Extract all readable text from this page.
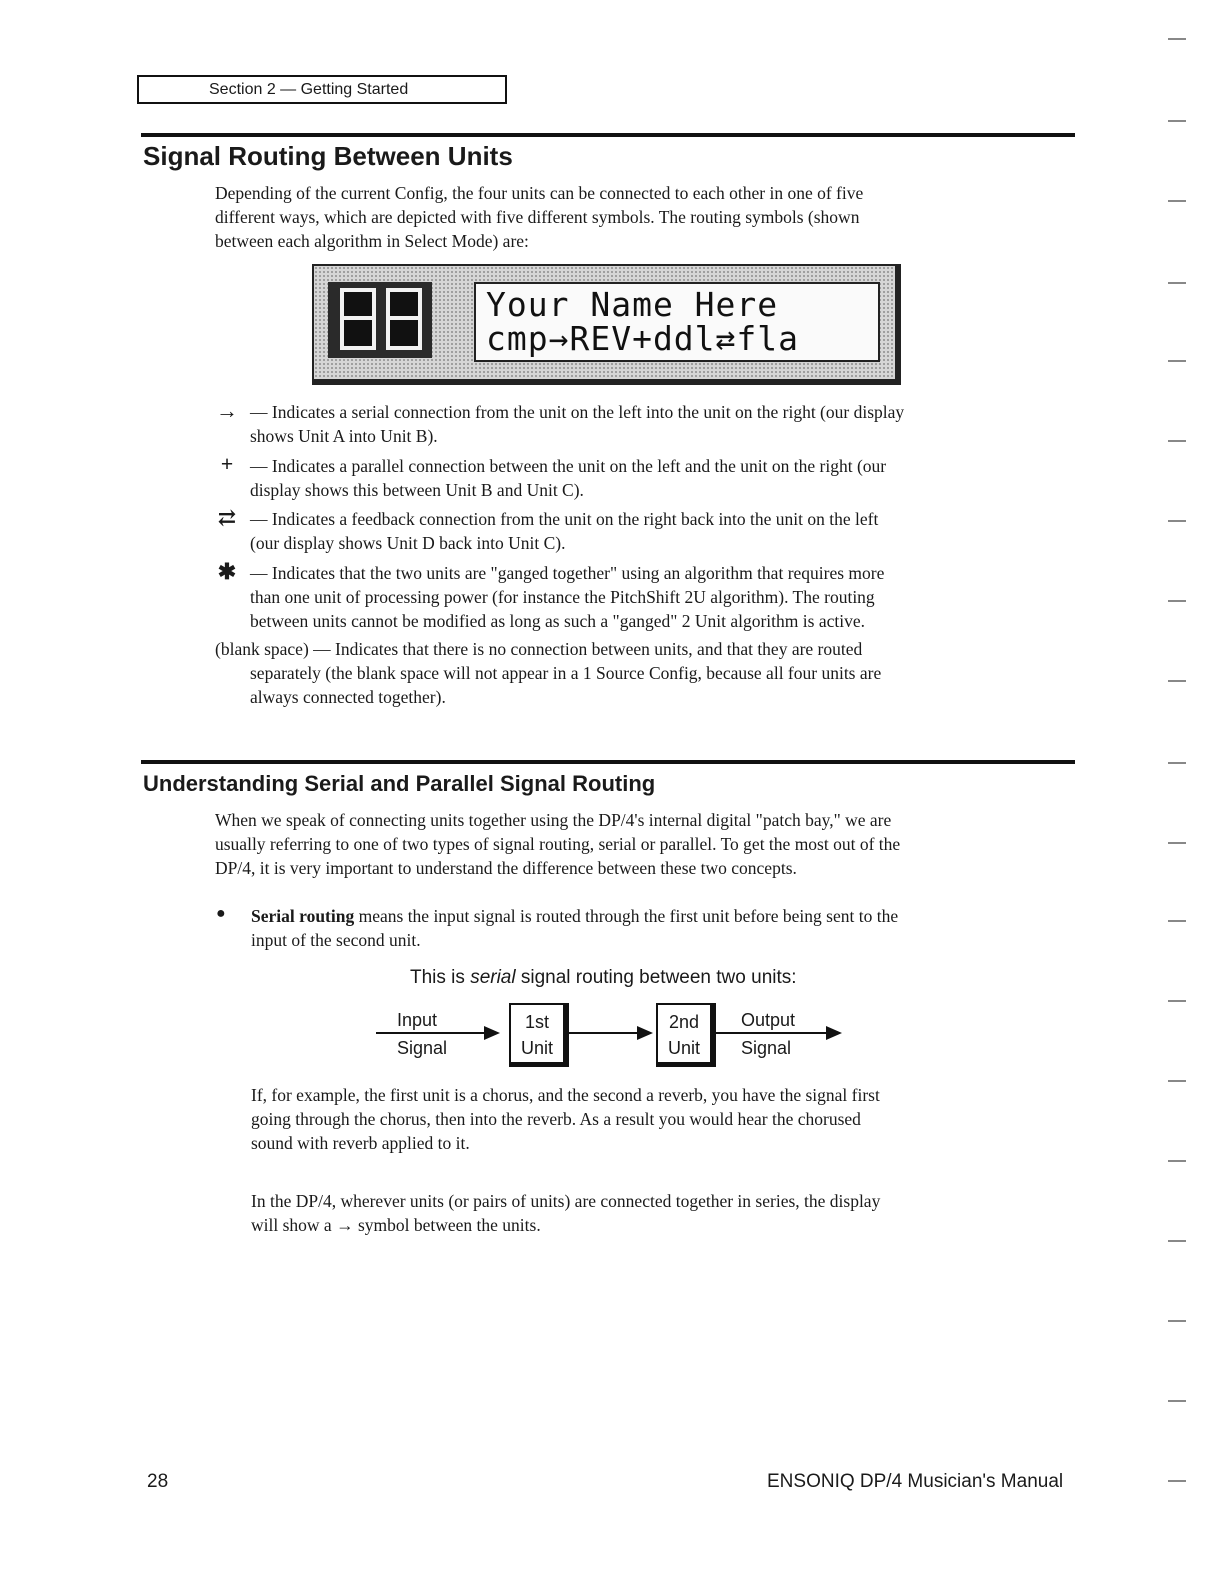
Section 2 — Getting Started
Signal Routing Between Units

Depending of the current Config, the four units can be connected to each other in one of five
different ways, which are depicted with five different symbols. The routing symbols (shown
between each algorithm in Select Mode) are:

Your Name Here
cmp→REV+ddl⇄fla
→ — Indicates a serial connection from the unit on the left into the unit on the right (our display
shows Unit A into Unit B).

+ — Indicates a parallel connection between the unit on the left and the unit on the right (our
display shows this between Unit B and Unit C).

⇄ — Indicates a feedback connection from the unit on the right back into the unit on the left
(our display shows Unit D back into Unit C).

✱ — Indicates that the two units are "ganged together" using an algorithm that requires more
than one unit of processing power (for instance the PitchShift 2U algorithm). The routing
between units cannot be modified as long as such a "ganged" 2 Unit algorithm is active.

(blank space) — Indicates that there is no connection between units, and that they are routed
separately (the blank space will not appear in a 1 Source Config, because all four units are
always connected together).

Understanding Serial and Parallel Signal Routing

When we speak of connecting units together using the DP/4's internal digital "patch bay," we are
usually referring to one of two types of signal routing, serial or parallel. To get the most out of the
DP/4, it is very important to understand the difference between these two concepts.

● Serial routing means the input signal is routed through the first unit before being sent to the
input of the second unit.

This is serial signal routing between two units:
Input
Signal
1st
Unit
2nd
Unit
Output
Signal

If, for example, the first unit is a chorus, and the second a reverb, you have the signal first
going through the chorus, then into the reverb. As a result you would hear the chorused
sound with reverb applied to it.

In the DP/4, wherever units (or pairs of units) are connected together in series, the display
will show a → symbol between the units.

28	ENSONIQ DP/4 Musician's Manual
